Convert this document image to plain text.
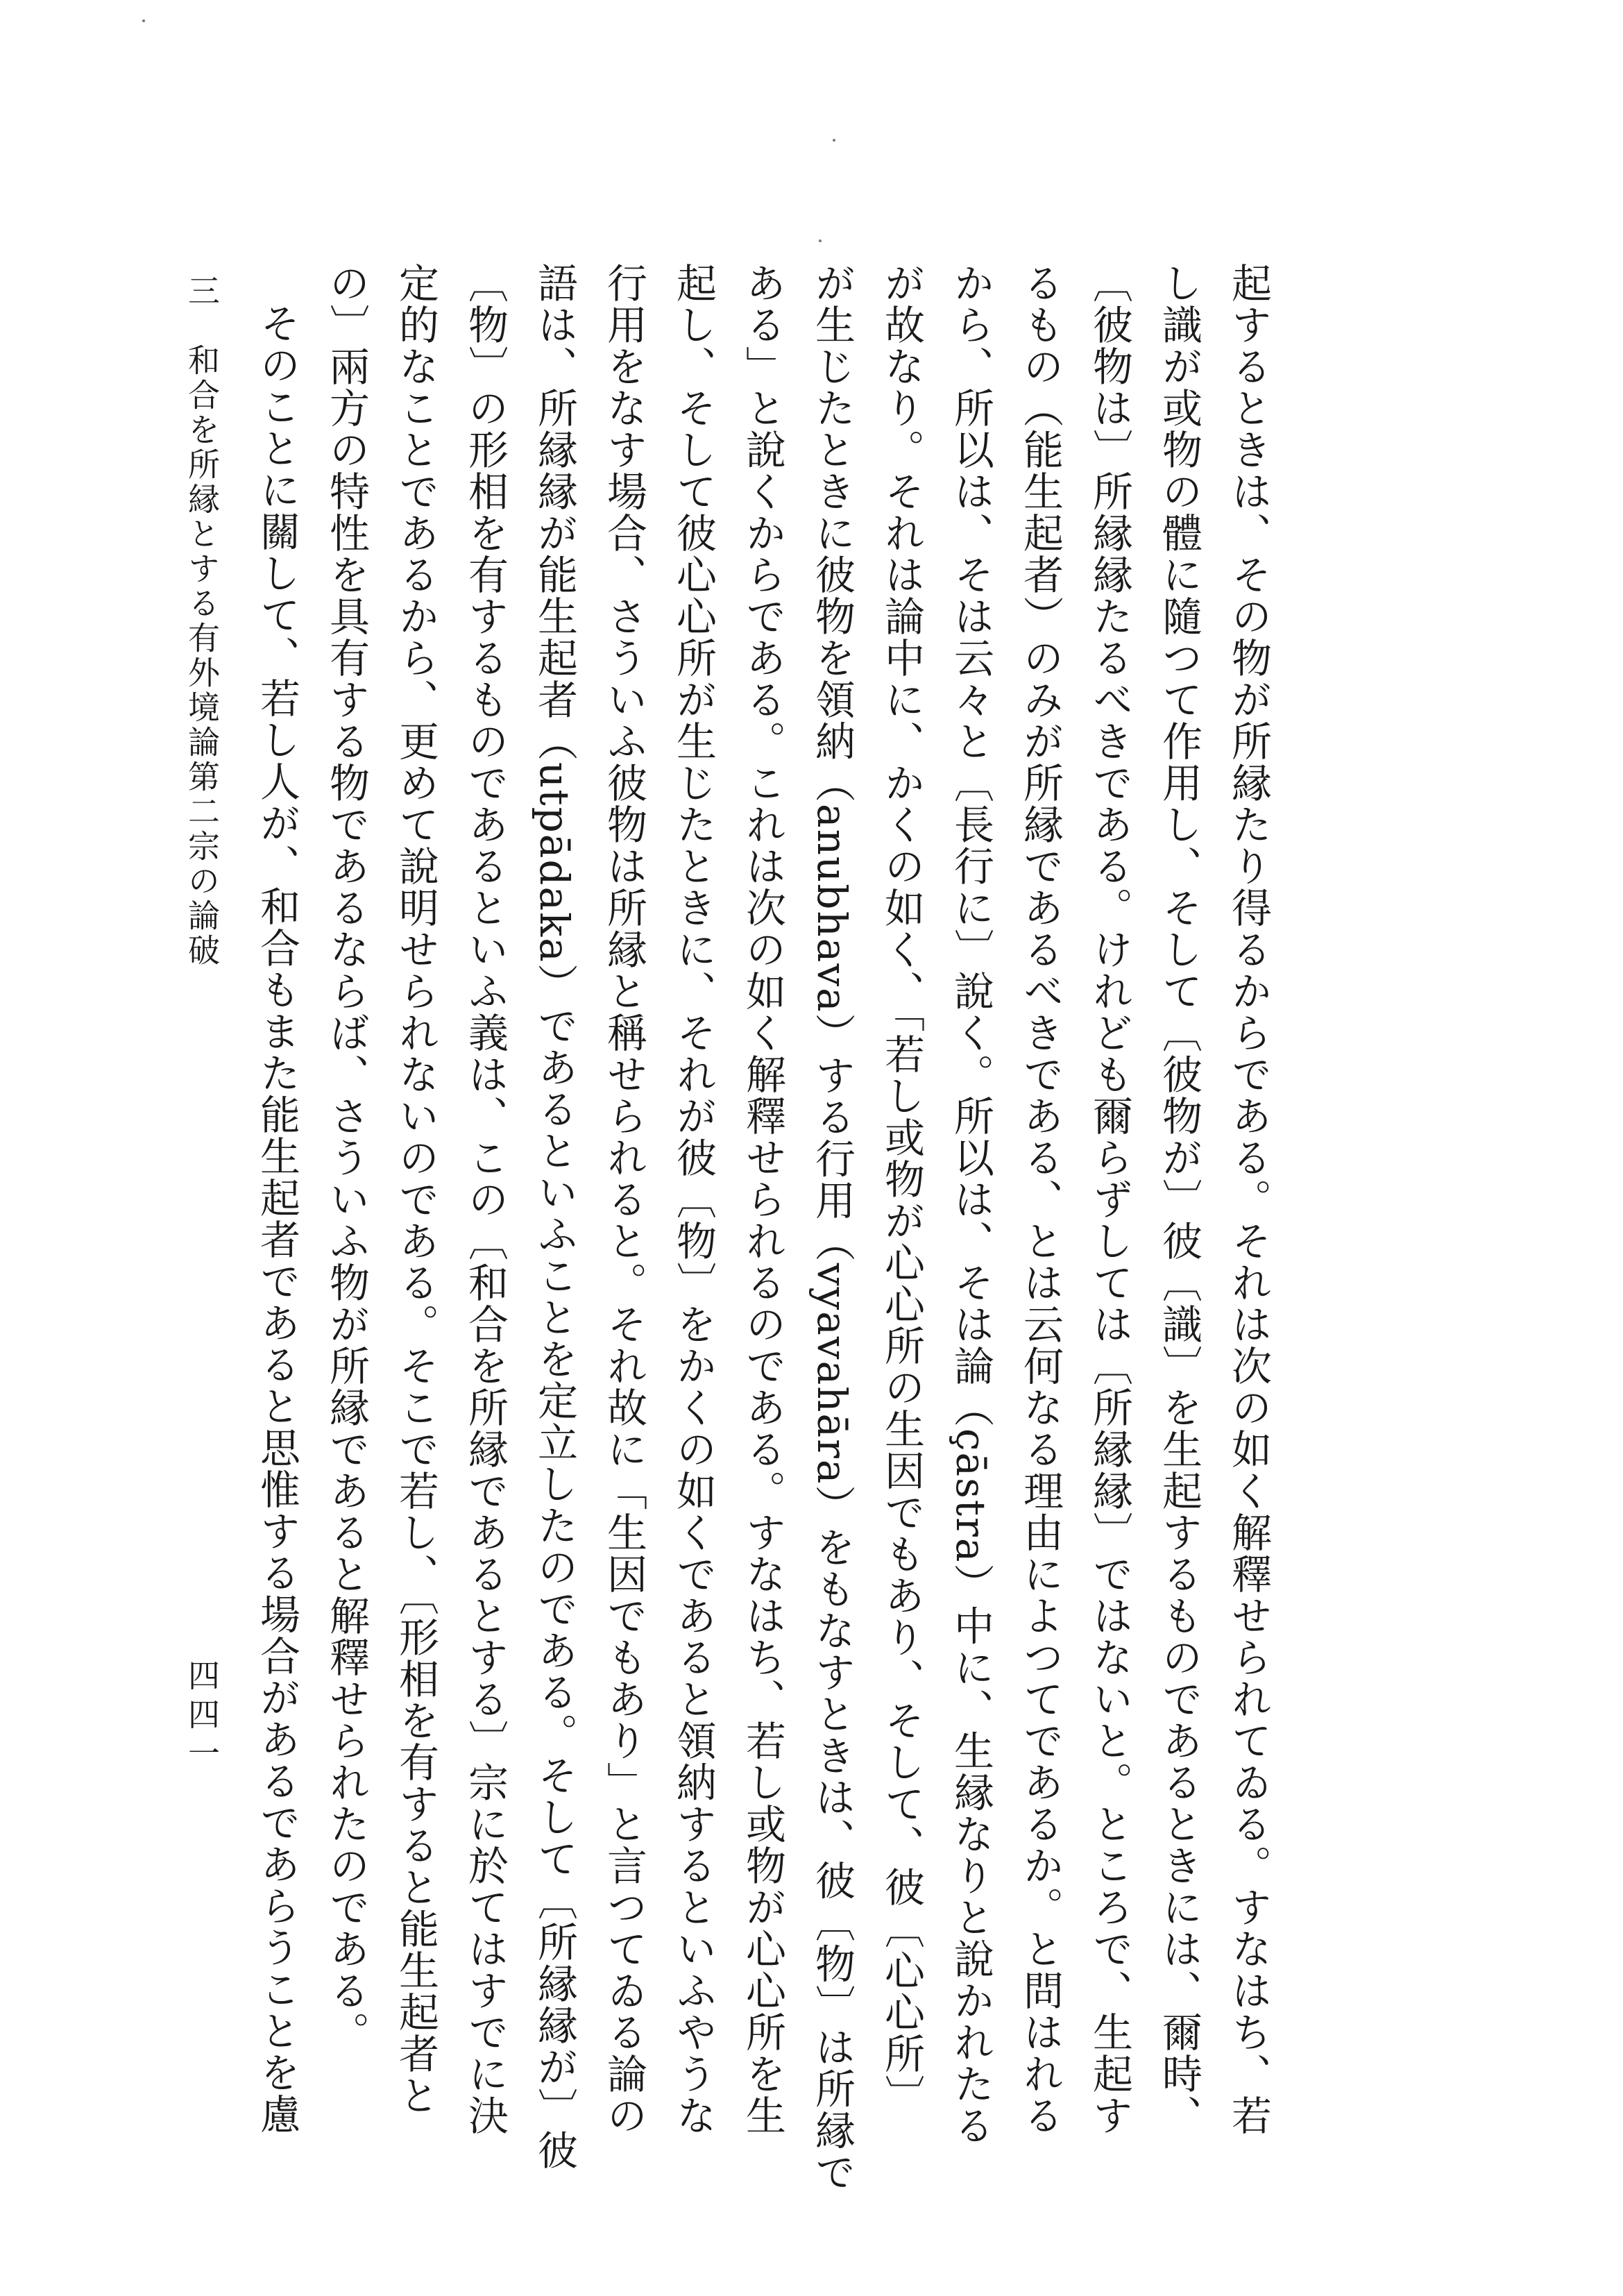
起するときは、その物が所縁たり得るからである。それは次の如く解釋せられてゐる。すなはち、若
し識が或物の體に隨つて作用し、そして〔彼物が〕彼〔識〕を生起するものであるときには、爾時、
〔彼物は〕所縁縁たるべきである。けれども爾らずしては〔所縁縁〕ではないと。ところで、生起す
るもの（能生起者）のみが所縁であるべきである、とは云何なる理由によつてであるか。と問はれる
から、所以は、そは云々と〔長行に〕說く。所以は、そは論（çāstra）中に、生縁なりと說かれたる
が故なり。それは論中に、かくの如く、「若し或物が心心所の生因でもあり、そして、彼〔心心所〕
が生じたときに彼物を領納（anubhava）する行用（vyavahāra）をもなすときは、彼〔物〕は所縁で
ある」と說くからである。これは次の如く解釋せられるのである。すなはち、若し或物が心心所を生
起し、そして彼心心所が生じたときに、それが彼〔物〕をかくの如くであると領納するといふやうな
行用をなす場合、さういふ彼物は所縁と稱せられると。それ故に「生因でもあり」と言つてゐる論の
語は、所縁縁が能生起者（utpādaka）であるといふことを定立したのである。そして〔所縁縁が〕彼
〔物〕の形相を有するものであるといふ義は、この〔和合を所縁であるとする〕宗に於てはすでに決
定的なことであるから、更めて說明せられないのである。そこで若し、〔形相を有すると能生起者と
の〕兩方の特性を具有する物であるならば、さういふ物が所縁であると解釋せられたのである。
そのことに關して、若し人が、和合もまた能生起者であると思惟する場合があるであらうことを慮
三　和合を所縁とする有外境論第二宗の論破
四四一
